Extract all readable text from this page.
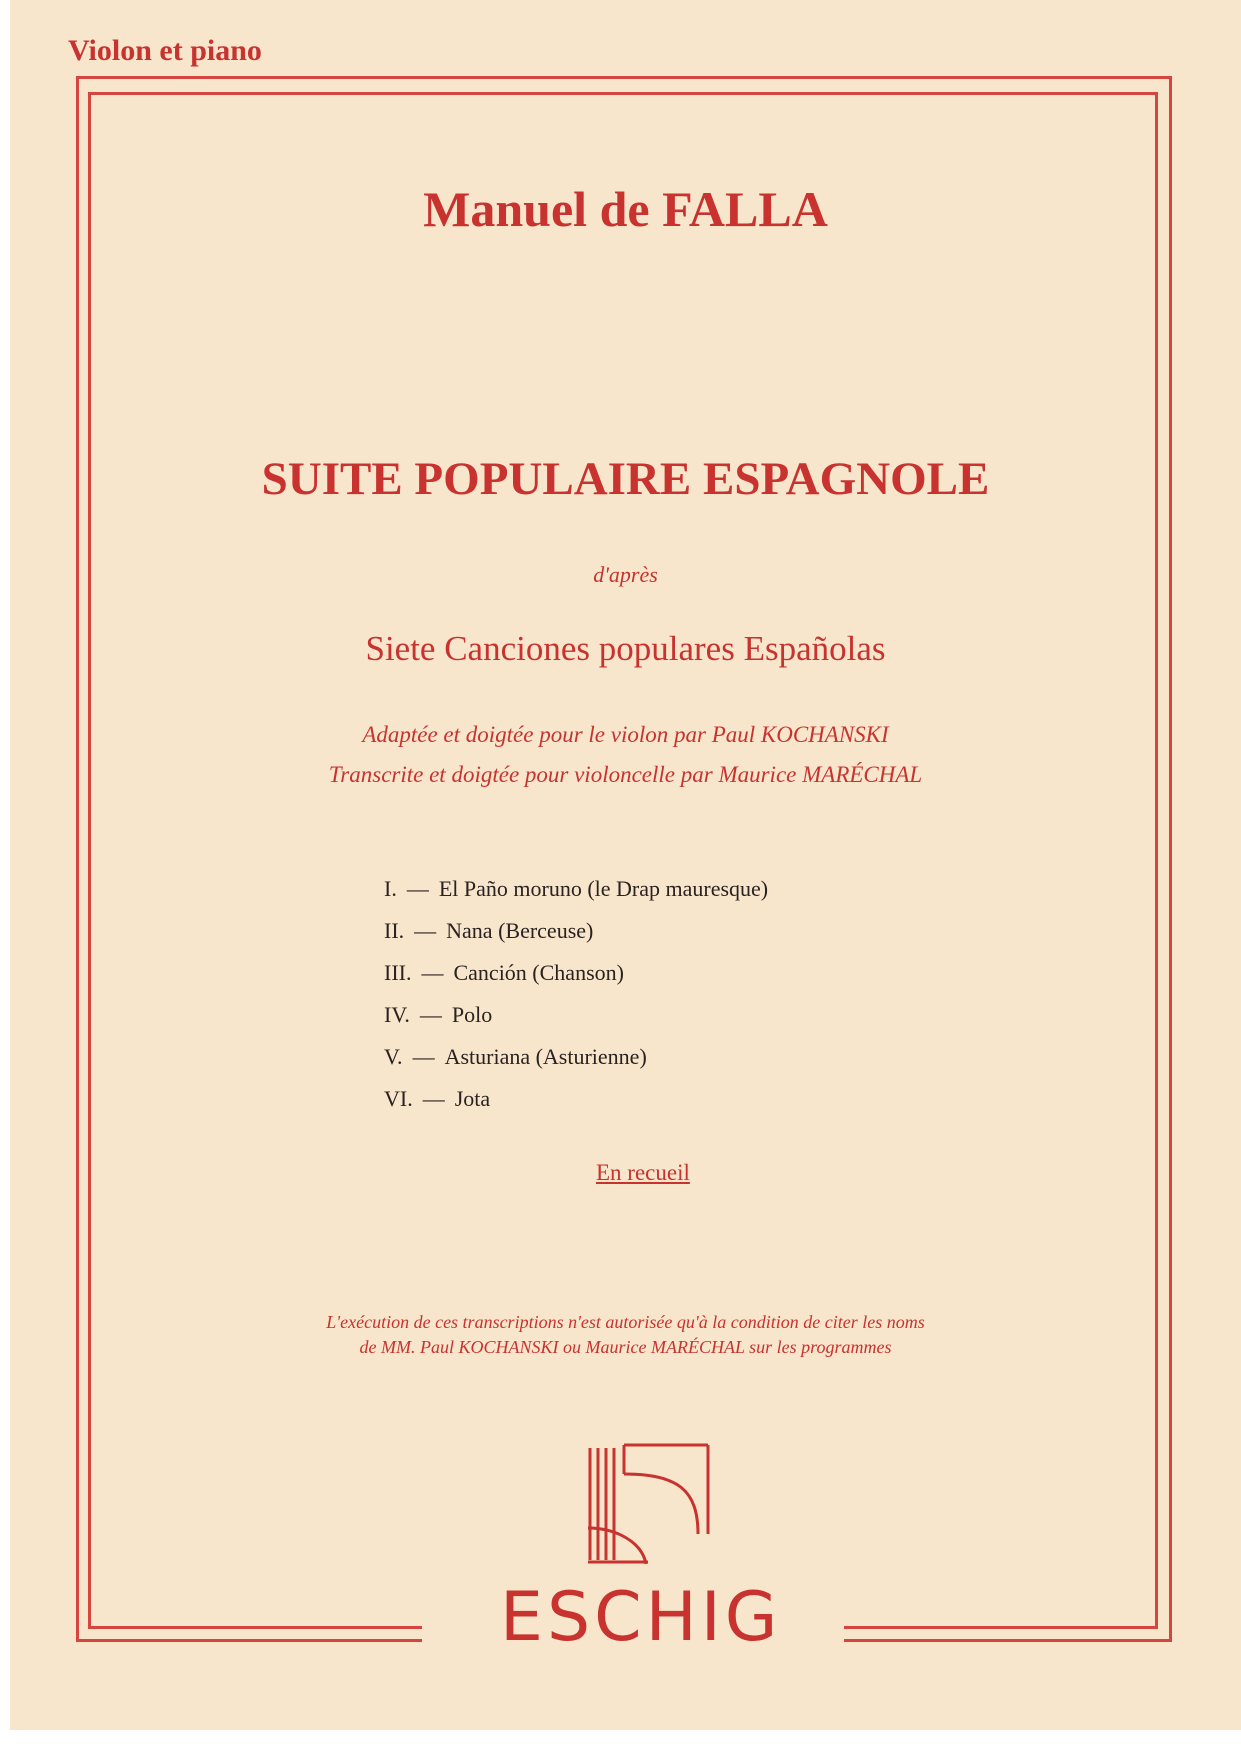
Violon et piano
Manuel de FALLA
SUITE POPULAIRE ESPAGNOLE
d'après
Siete Canciones populares Españolas
Adaptée et doigtée pour le violon par Paul KOCHANSKI
Transcrite et doigtée pour violoncelle par Maurice MARÉCHAL
I. — El Paño moruno (le Drap mauresque)
II. — Nana (Berceuse)
III. — Canción (Chanson)
IV. — Polo
V. — Asturiana (Asturienne)
VI. — Jota
En recueil
L'exécution de ces transcriptions n'est autorisée qu'à la condition de citer les noms
de MM. Paul KOCHANSKI ou Maurice MARÉCHAL sur les programmes
ESCHIG
